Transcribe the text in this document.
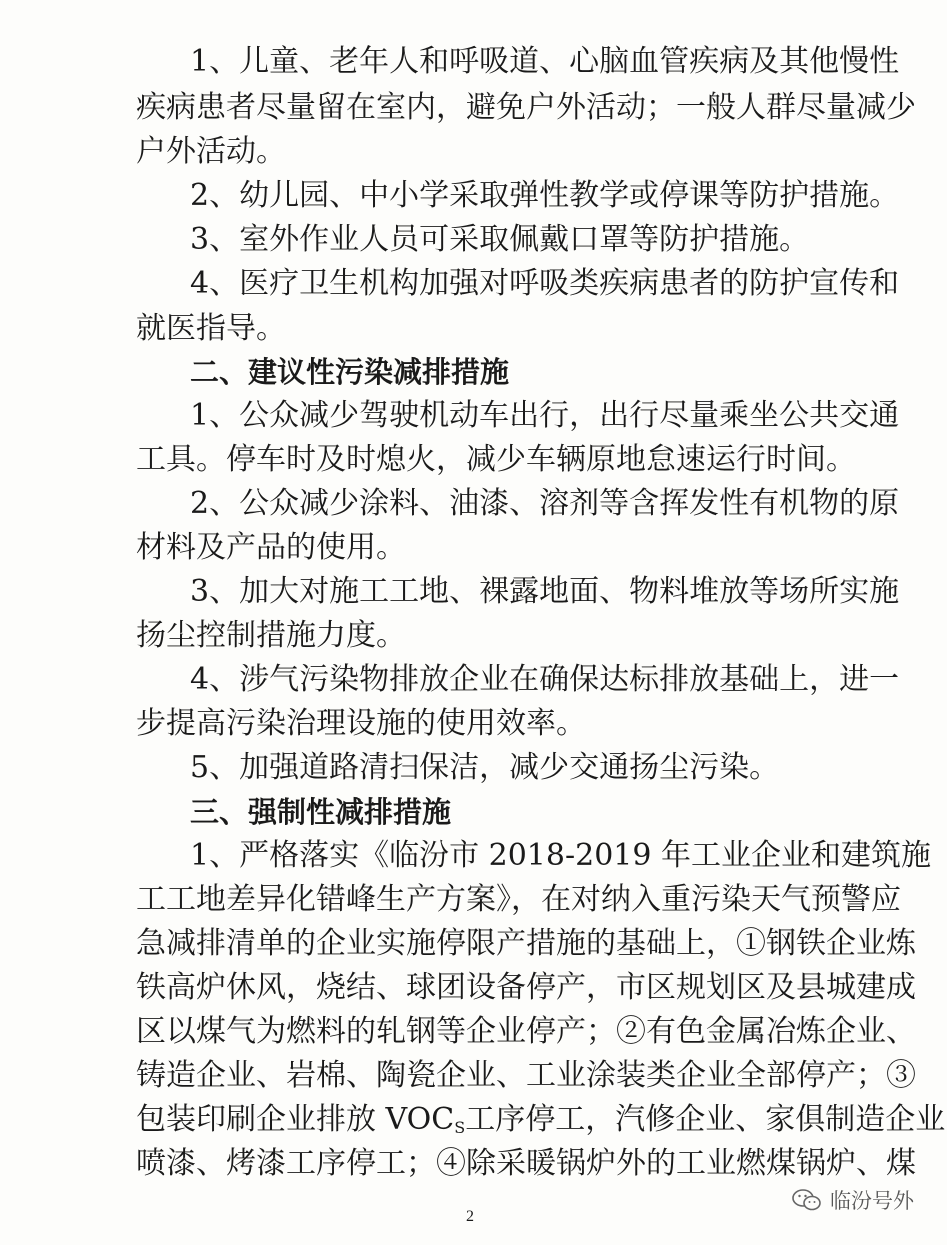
1、儿童、老年人和呼吸道、心脑血管疾病及其他慢性
疾病患者尽量留在室内，避免户外活动；一般人群尽量减少
户外活动。
2、幼儿园、中小学采取弹性教学或停课等防护措施。
3、室外作业人员可采取佩戴口罩等防护措施。
4、医疗卫生机构加强对呼吸类疾病患者的防护宣传和
就医指导。
二、建议性污染减排措施
1、公众减少驾驶机动车出行，出行尽量乘坐公共交通
工具。停车时及时熄火，减少车辆原地怠速运行时间。
2、公众减少涂料、油漆、溶剂等含挥发性有机物的原
材料及产品的使用。
3、加大对施工工地、裸露地面、物料堆放等场所实施
扬尘控制措施力度。
4、涉气污染物排放企业在确保达标排放基础上，进一
步提高污染治理设施的使用效率。
5、加强道路清扫保洁，减少交通扬尘污染。
三、强制性减排措施
1、严格落实《临汾市 2018-2019 年工业企业和建筑施
工工地差异化错峰生产方案》，在对纳入重污染天气预警应
急减排清单的企业实施停限产措施的基础上，①钢铁企业炼
铁高炉休风，烧结、球团设备停产，市区规划区及县城建成
区以煤气为燃料的轧钢等企业停产；②有色金属冶炼企业、
铸造企业、岩棉、陶瓷企业、工业涂装类企业全部停产；③
包装印刷企业排放 $VOC_S$工序停工，汽修企业、家俱制造企业
喷漆、烤漆工序停工；④除采暖锅炉外的工业燃煤锅炉、煤
2
临汾号外
